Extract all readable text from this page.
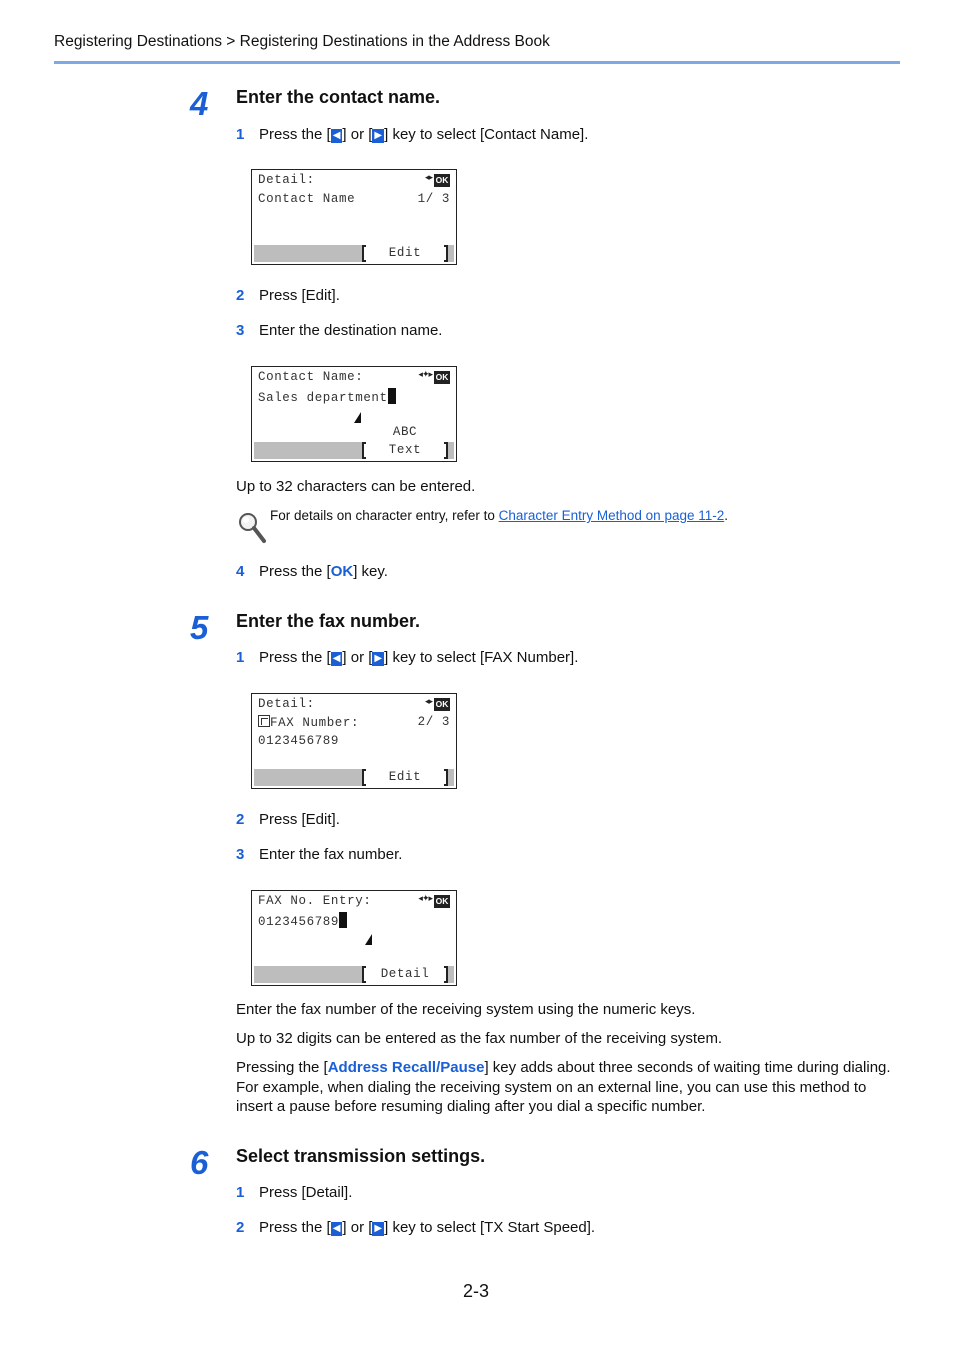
Registering Destinations > Registering Destinations in the Address Book
4 Enter the contact name.
1 Press the [ ◀ ] or [ ▶ ] key to select [Contact Name].
Detail:	◂▸ OK
Contact Name	1/ 3
Edit
2 Press [Edit].
3 Enter the destination name.
Contact Name:	◂✦▸ OK
Sales department
ABC
Text
Up to 32 characters can be entered.
For details on character entry, refer to Character Entry Method on page 11-2.
4 Press the [OK] key.
5 Enter the fax number.
1 Press the [ ◀ ] or [ ▶ ] key to select [FAX Number].
Detail:	◂▸ OK
FAX Number:	2/ 3
0123456789
Edit
2 Press [Edit].
3 Enter the fax number.
FAX No. Entry:	◂✦▸ OK
0123456789
Detail
Enter the fax number of the receiving system using the numeric keys.
Up to 32 digits can be entered as the fax number of the receiving system.
Pressing the [Address Recall/Pause] key adds about three seconds of waiting time during dialing. For example, when dialing the receiving system on an external line, you can use this method to insert a pause before resuming dialing after you dial a specific number.
6 Select transmission settings.
1 Press [Detail].
2 Press the [ ◀ ] or [ ▶ ] key to select [TX Start Speed].
2-3
